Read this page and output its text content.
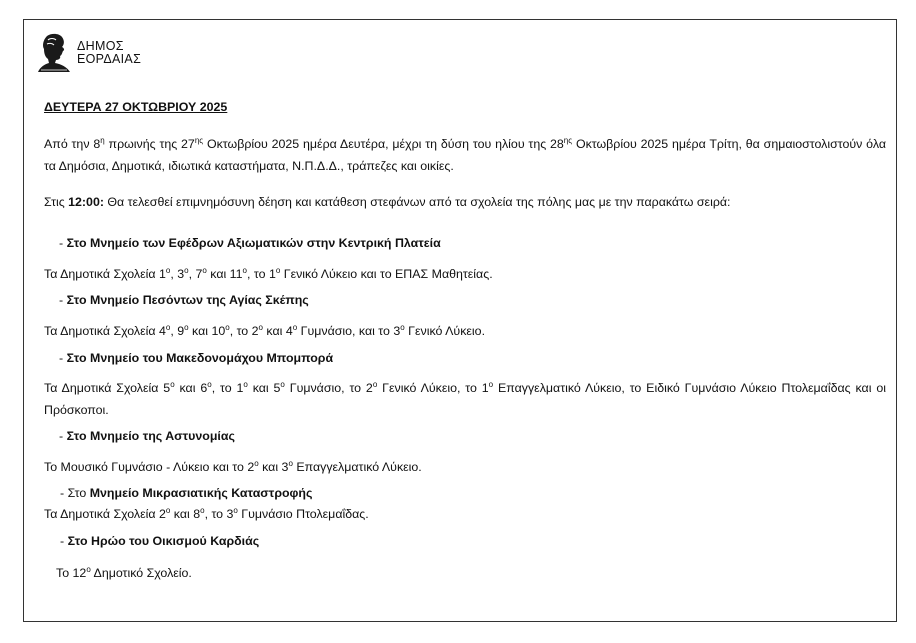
ΔΗΜΟΣ
ΕΟΡΔΑΙΑΣ
ΔΕΥΤΕΡΑ 27 ΟΚΤΩΒΡΙΟΥ 2025
Από την $8^\eta$ πρωινής της $27^{\eta\varsigma}$ Οκτωβρίου 2025 ημέρα Δευτέρα, μέχρι τη δύση του ηλίου της $28^{\eta\varsigma}$ Οκτωβρίου 2025 ημέρα Τρίτη, θα σημαιοστολιστούν όλα τα Δημόσια, Δημοτικά, ιδιωτικά καταστήματα, Ν.Π.Δ.Δ., τράπεζες και οικίες.
Στις 12:00: Θα τελεσθεί επιμνημόσυνη δέηση και κατάθεση στεφάνων από τα σχολεία της πόλης μας με την παρακάτω σειρά:
- Στο Μνημείο των Εφέδρων Αξιωματικών στην Κεντρική Πλατεία
Τα Δημοτικά Σχολεία $1^o$, $3^o$, $7^o$ και $11^o$, το $1^o$ Γενικό Λύκειο και το ΕΠΑΣ Μαθητείας.
- Στο Μνημείο Πεσόντων της Αγίας Σκέπης
Τα Δημοτικά Σχολεία $4^o$, $9^o$ και $10^o$, το $2^o$ και $4^o$ Γυμνάσιο, και το $3^o$ Γενικό Λύκειο.
- Στο Μνημείο του Μακεδονομάχου Μπομπορά
Τα Δημοτικά Σχολεία $5^o$ και $6^o$, το $1^o$ και $5^o$ Γυμνάσιο, το $2^o$ Γενικό Λύκειο, το $1^o$ Επαγγελματικό Λύκειο, το Ειδικό Γυμνάσιο Λύκειο Πτολεμαΐδας και οι Πρόσκοποι.
- Στο Μνημείο της Αστυνομίας
Το Μουσικό Γυμνάσιο - Λύκειο και το $2^o$ και $3^o$ Επαγγελματικό Λύκειο.
- Στο Μνημείο Μικρασιατικής Καταστροφής
Τα Δημοτικά Σχολεία $2^o$ και $8^o$, το $3^o$ Γυμνάσιο Πτολεμαΐδας.
- Στο Ηρώο του Οικισμού Καρδιάς
Το $12^o$ Δημοτικό Σχολείο.
